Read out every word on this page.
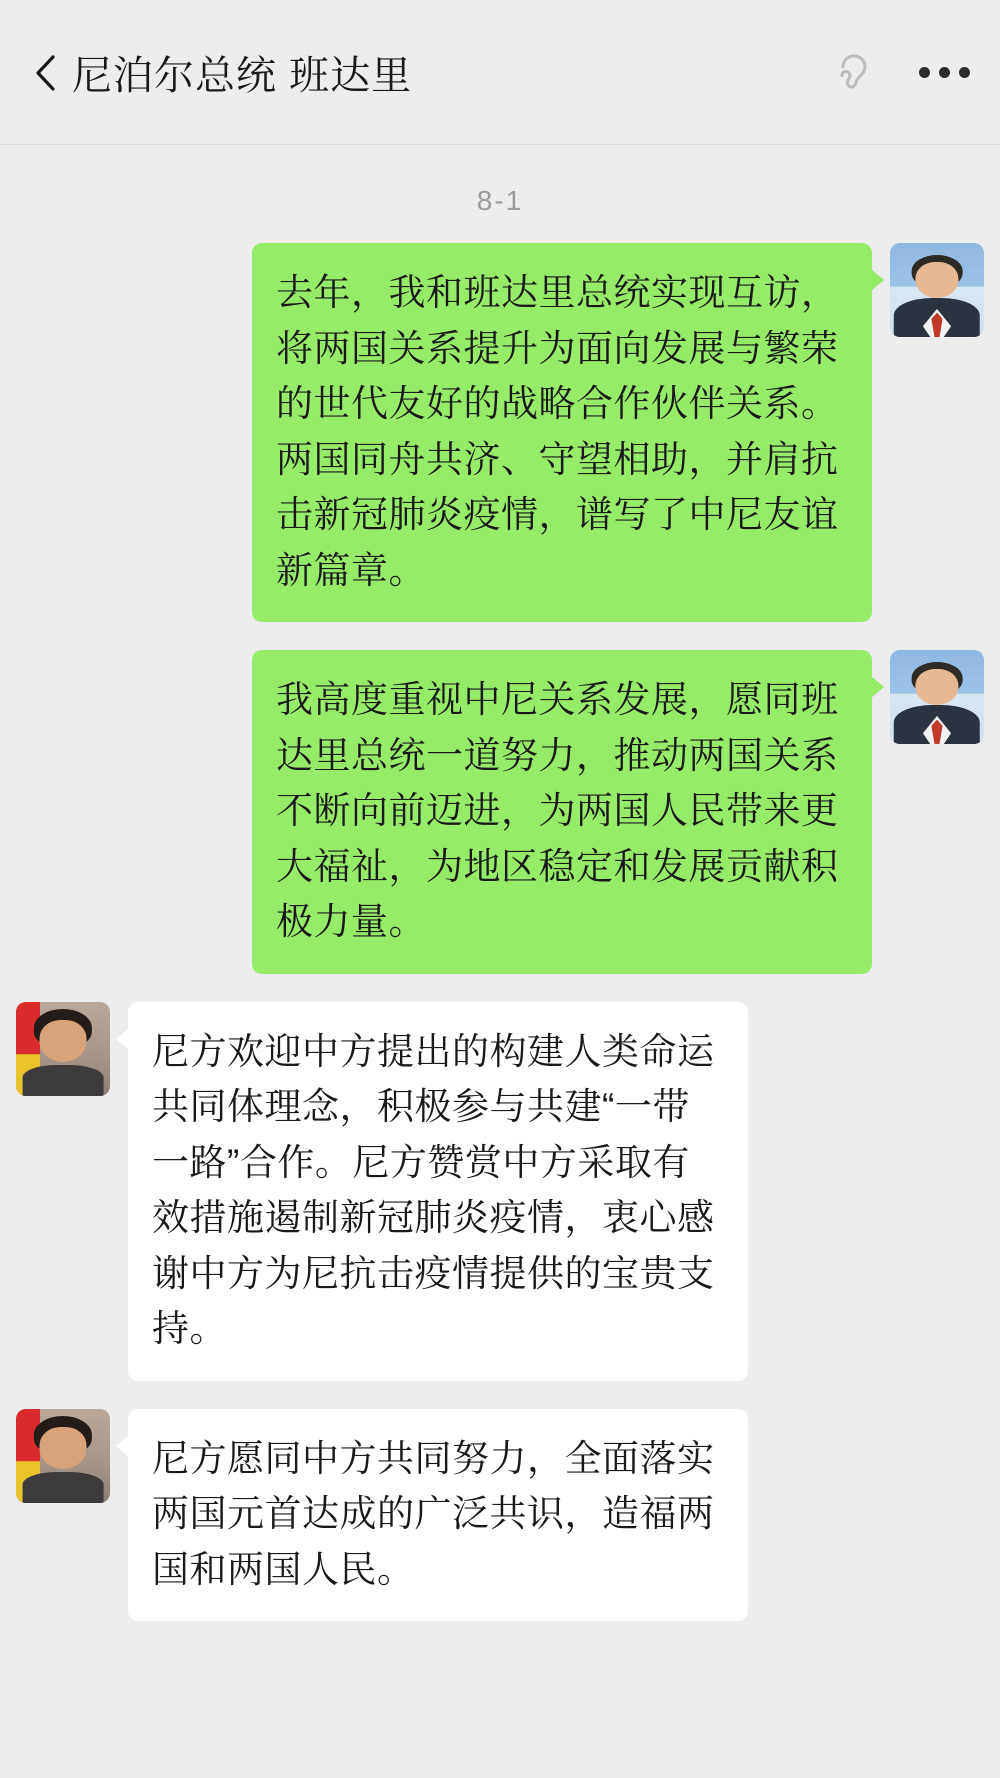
尼泊尔总统 班达里
8-1
去年，我和班达里总统实现互访，将两国关系提升为面向发展与繁荣的世代友好的战略合作伙伴关系。两国同舟共济、守望相助，并肩抗击新冠肺炎疫情，谱写了中尼友谊新篇章。
我高度重视中尼关系发展，愿同班达里总统一道努力，推动两国关系不断向前迈进，为两国人民带来更大福祉，为地区稳定和发展贡献积极力量。
尼方欢迎中方提出的构建人类命运共同体理念，积极参与共建“一带一路”合作。尼方赞赏中方采取有效措施遏制新冠肺炎疫情，衷心感谢中方为尼抗击疫情提供的宝贵支持。
尼方愿同中方共同努力，全面落实两国元首达成的广泛共识，造福两国和两国人民。
